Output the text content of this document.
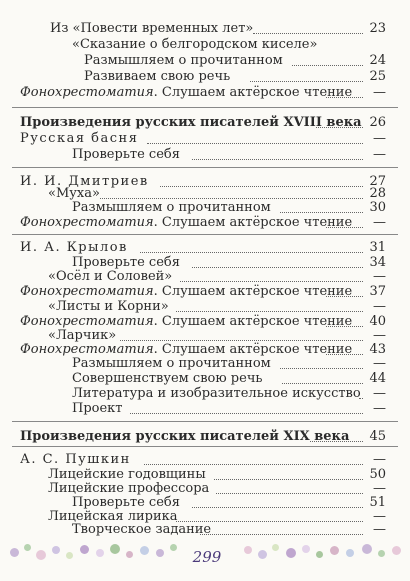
Из «Повести временных лет»	23
«Сказание о белгородском киселе»
Размышляем о прочитанном	24
Развиваем свою речь	25
Фонохрестоматия. Слушаем актёрское чтение	—
Произведения русских писателей XVIII века 26
Русская басня	—
Проверьте себя	—
И. И. Дмитриев	27
«Муха»	28
Размышляем о прочитанном	30
Фонохрестоматия. Слушаем актёрское чтение	—
И. А. Крылов	31
Проверьте себя	34
«Осёл и Соловей»	—
Фонохрестоматия. Слушаем актёрское чтение	37
«Листы и Корни»	—
Фонохрестоматия. Слушаем актёрское чтение	40
«Ларчик»	—
Фонохрестоматия. Слушаем актёрское чтение	43
Размышляем о прочитанном	—
Совершенствуем свою речь	44
Литература и изобразительное искусство —
Проект	—
Произведения русских писателей XIX века	45
А. С. Пушкин	—
Лицейские годовщины	50
Лицейские профессора	—
Проверьте себя	51
Лицейская лирика	—
Творческое задание	—
299
